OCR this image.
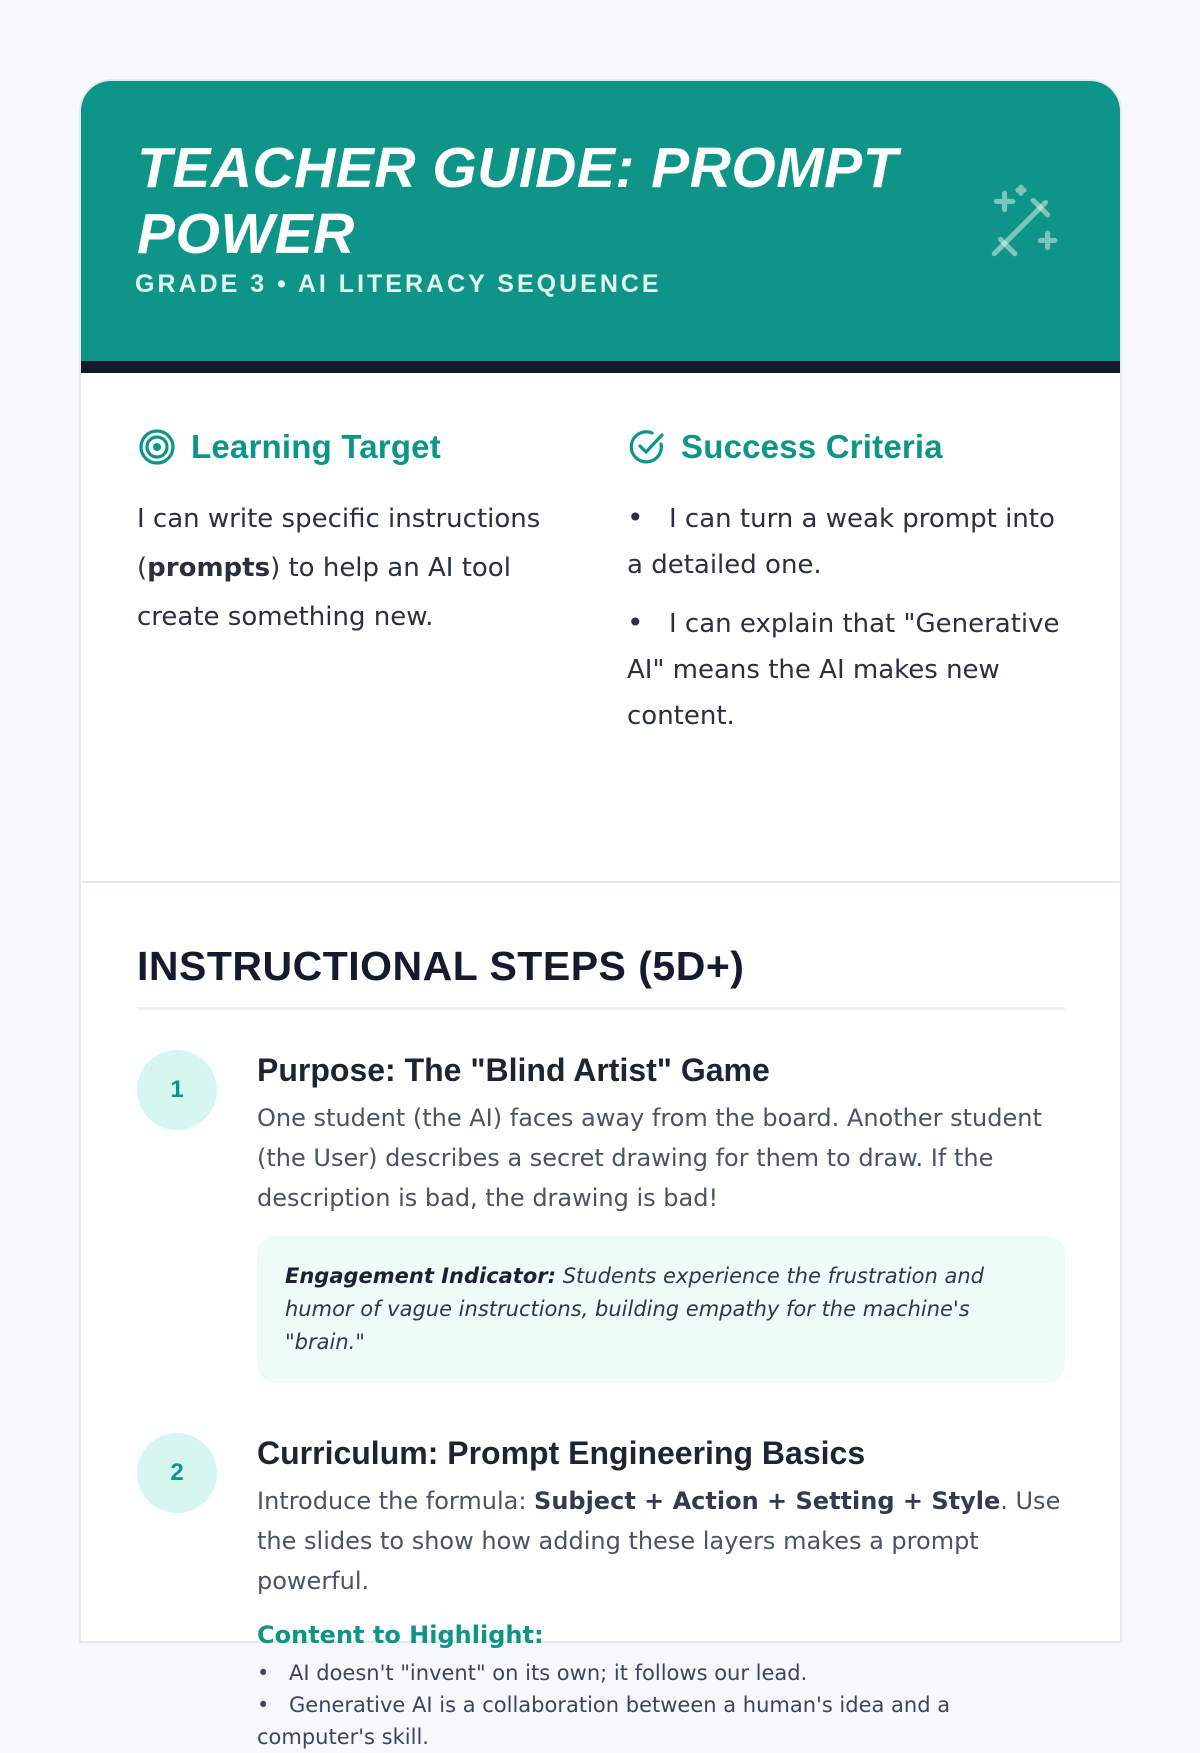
TEACHER GUIDE: PROMPT POWER

GRADE 3 • AI LITERACY SEQUENCE

Learning Target

I can write specific instructions (prompts) to help an AI tool create something new.

Success Criteria
• I can turn a weak prompt into a detailed one.
• I can explain that "Generative AI" means the AI makes new content.
INSTRUCTIONAL STEPS (5D+)
1
Purpose: The "Blind Artist" Game

One student (the AI) faces away from the board. Another student (the User) describes a secret drawing for them to draw. If the description is bad, the drawing is bad!

Engagement Indicator: Students experience the frustration and humor of vague instructions, building empathy for the machine's "brain."
2
Curriculum: Prompt Engineering Basics

Introduce the formula: Subject + Action + Setting + Style. Use the slides to show how adding these layers makes a prompt powerful.

Content to Highlight:

• AI doesn't "invent" on its own; it follows our lead.
• Generative AI is a collaboration between a human's idea and a computer's skill.
